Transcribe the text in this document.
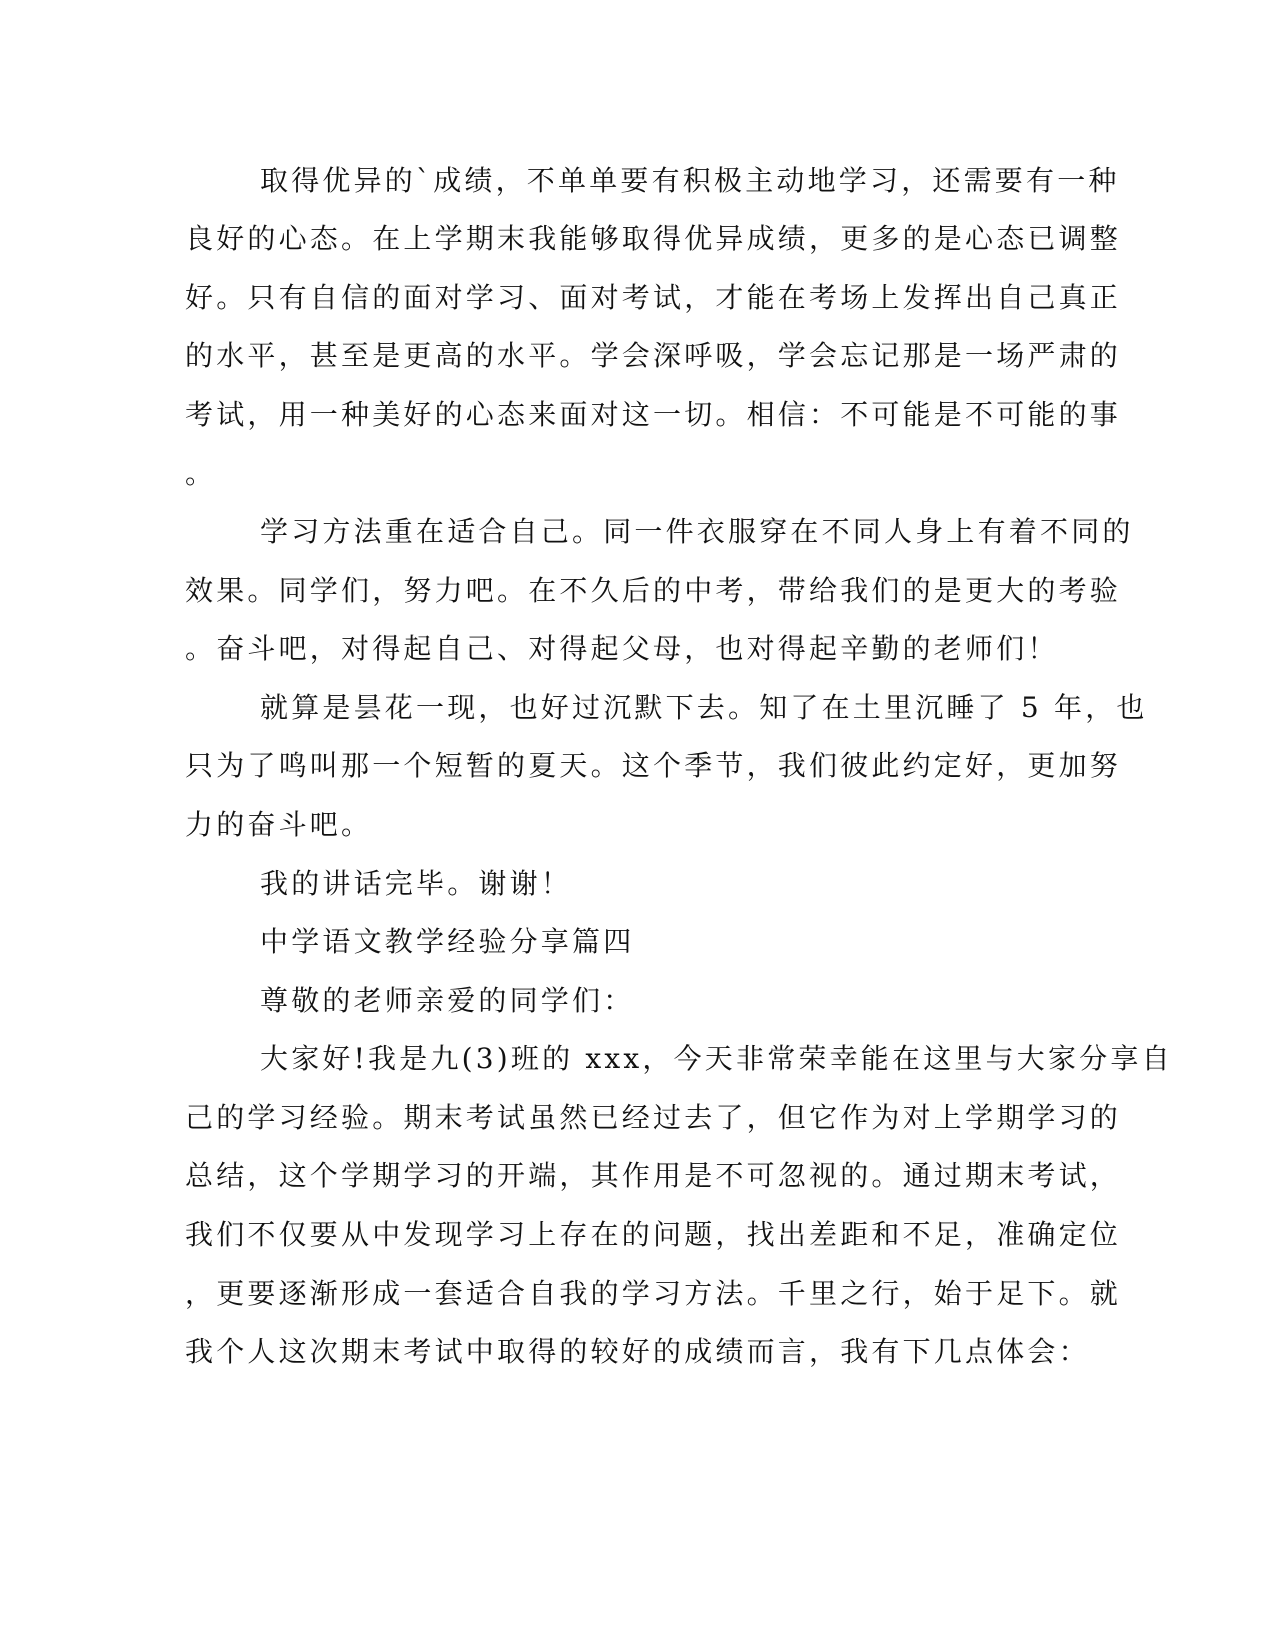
取得优异的`成绩，不单单要有积极主动地学习，还需要有一种
良好的心态。在上学期末我能够取得优异成绩，更多的是心态已调整
好。只有自信的面对学习、面对考试，才能在考场上发挥出自己真正
的水平，甚至是更高的水平。学会深呼吸，学会忘记那是一场严肃的
考试，用一种美好的心态来面对这一切。相信：不可能是不可能的事
。
学习方法重在适合自己。同一件衣服穿在不同人身上有着不同的
效果。同学们，努力吧。在不久后的中考，带给我们的是更大的考验
。奋斗吧，对得起自己、对得起父母，也对得起辛勤的老师们！
就算是昙花一现，也好过沉默下去。知了在土里沉睡了 5 年，也
只为了鸣叫那一个短暂的夏天。这个季节，我们彼此约定好，更加努
力的奋斗吧。
我的讲话完毕。谢谢！
中学语文教学经验分享篇四
尊敬的老师亲爱的同学们：
大家好!我是九(3)班的 xxx，今天非常荣幸能在这里与大家分享自
己的学习经验。期末考试虽然已经过去了，但它作为对上学期学习的
总结，这个学期学习的开端，其作用是不可忽视的。通过期末考试，
我们不仅要从中发现学习上存在的问题，找出差距和不足，准确定位
，更要逐渐形成一套适合自我的学习方法。千里之行，始于足下。就
我个人这次期末考试中取得的较好的成绩而言，我有下几点体会：
